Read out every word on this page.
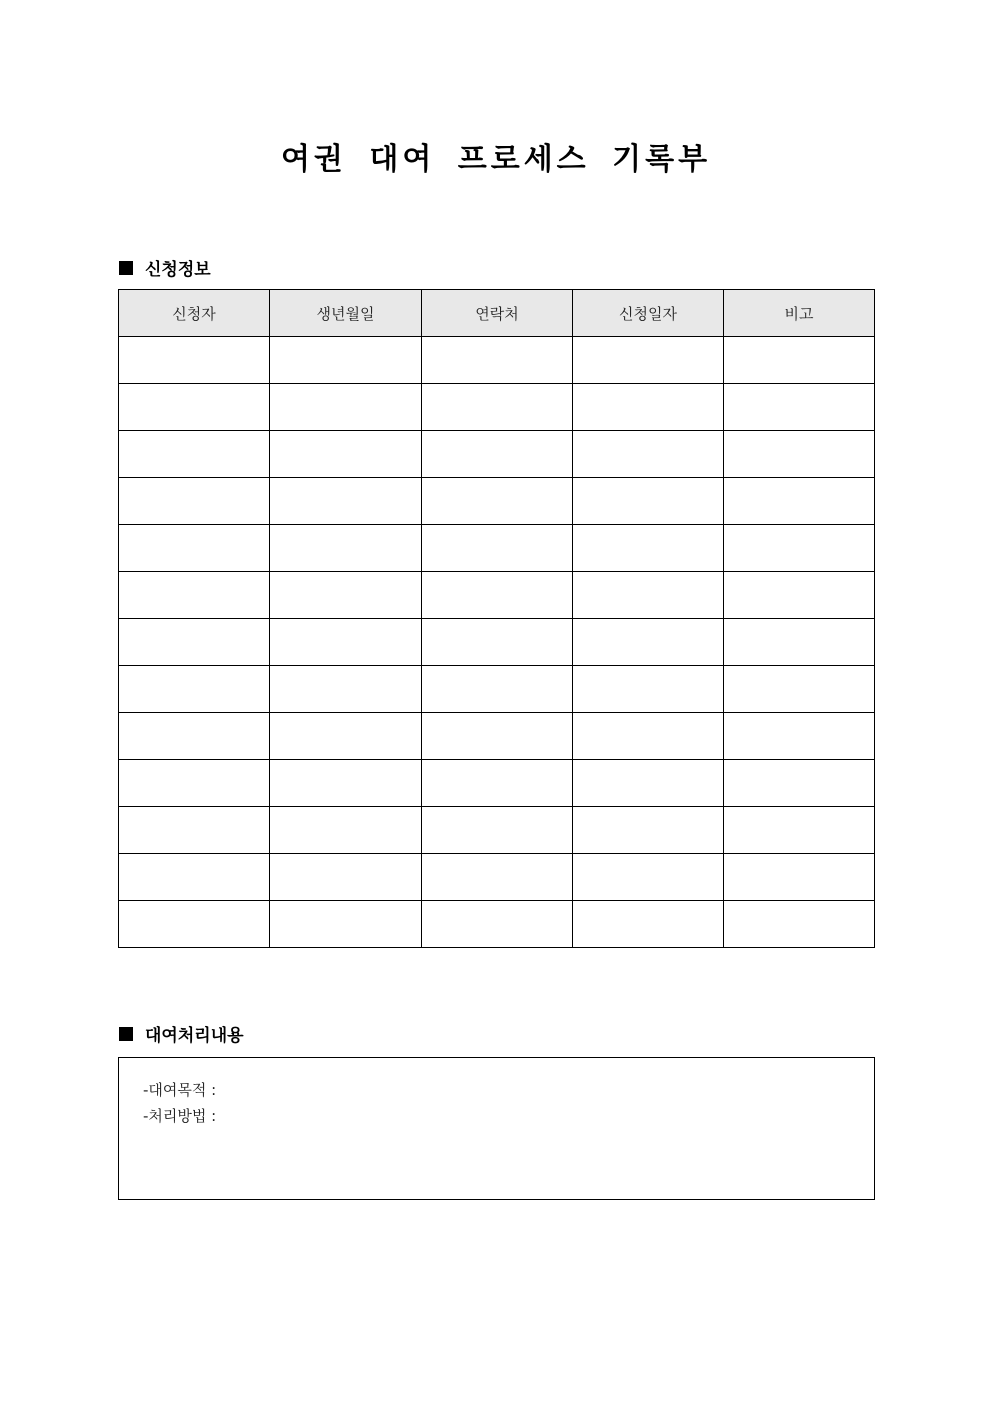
여권 대여 프로세스 기록부
신청정보
신청자	생년월일	연락처	신청일자	비고

대여처리내용
-대여목적 :
-처리방법 :
